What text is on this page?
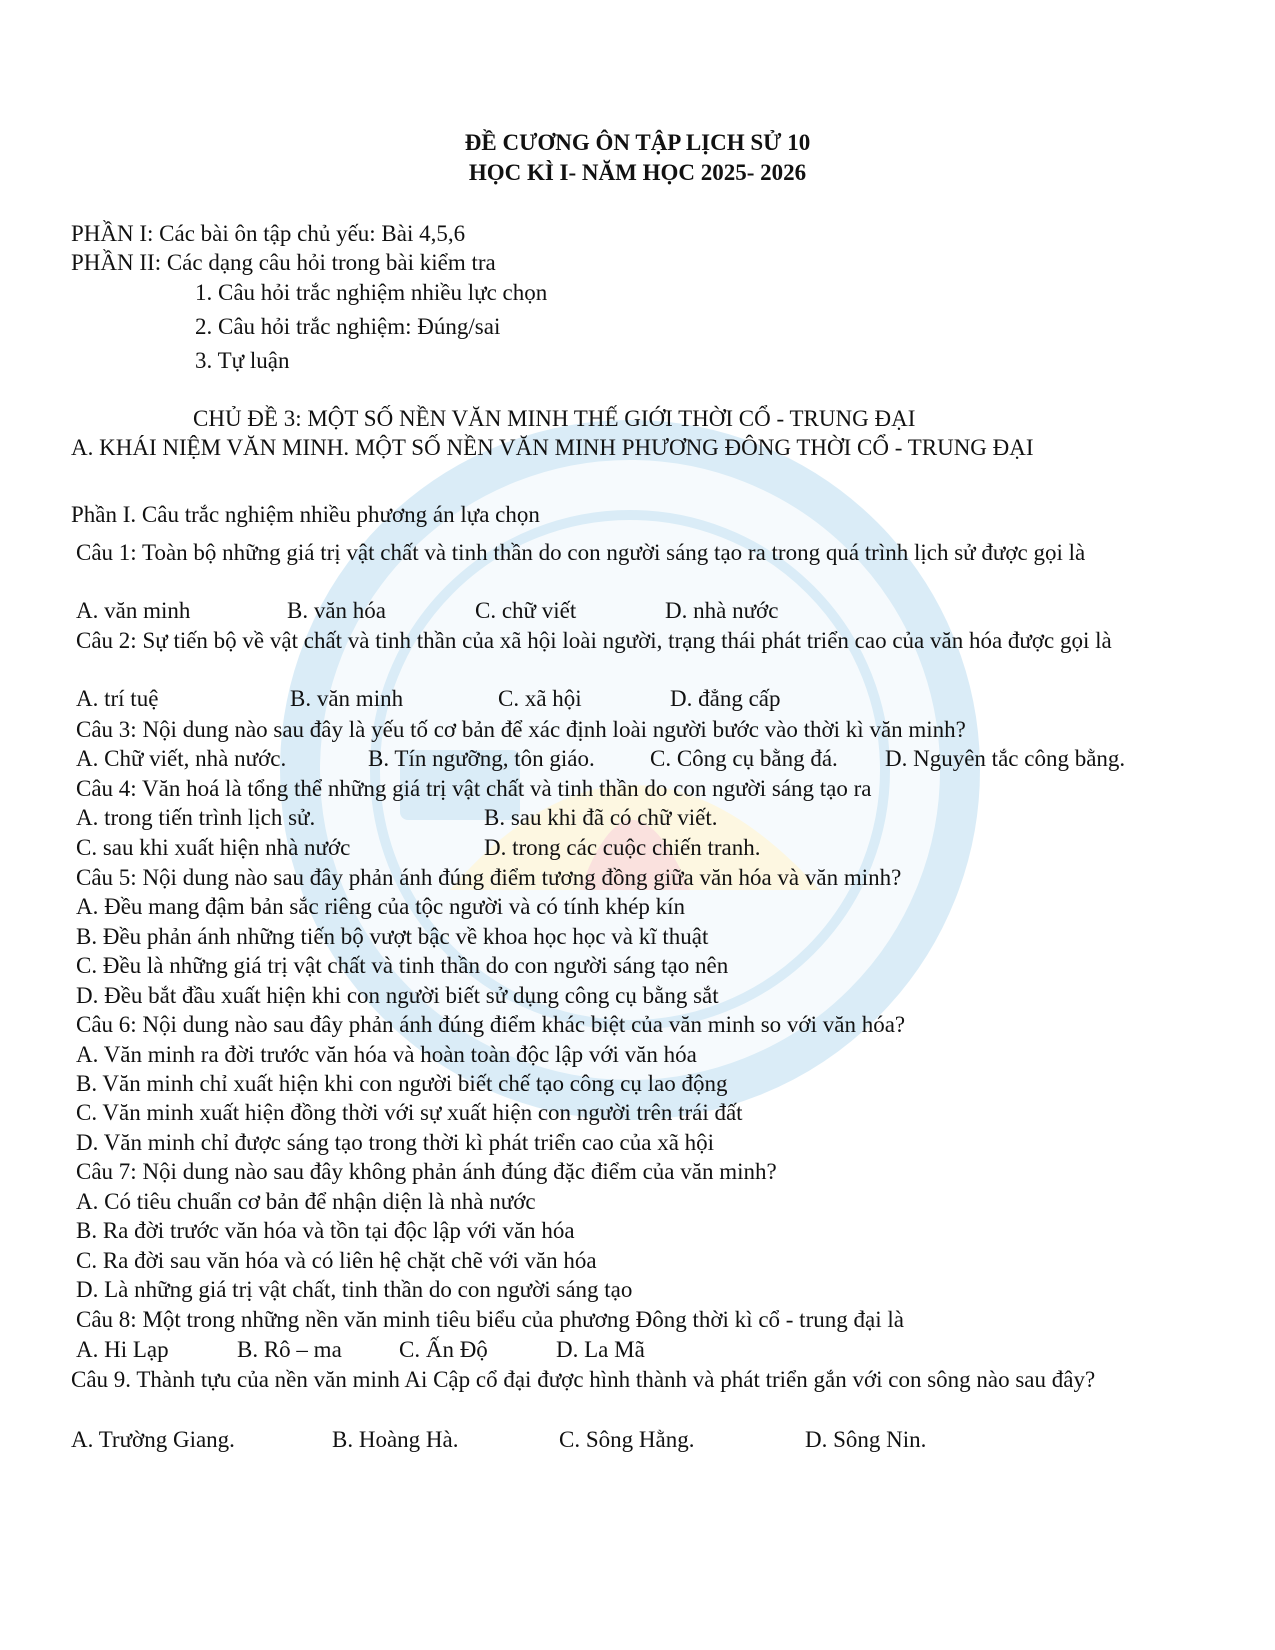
ĐỀ CƯƠNG ÔN TẬP LỊCH SỬ 10
HỌC KÌ I- NĂM HỌC 2025- 2026
PHẦN I: Các bài ôn tập chủ yếu: Bài 4,5,6
PHẦN II: Các dạng câu hỏi trong bài kiểm tra
1. Câu hỏi trắc nghiệm nhiều lực chọn
2. Câu hỏi trắc nghiệm: Đúng/sai
3. Tự luận
CHỦ ĐỀ 3: MỘT SỐ NỀN VĂN MINH THẾ GIỚI THỜI CỔ - TRUNG ĐẠI
A. KHÁI NIỆM VĂN MINH. MỘT SỐ NỀN VĂN MINH PHƯƠNG ĐÔNG THỜI CỔ - TRUNG ĐẠI
Phần I. Câu trắc nghiệm nhiều phương án lựa chọn
Câu 1: Toàn bộ những giá trị vật chất và tinh thần do con người sáng tạo ra trong quá trình lịch sử được gọi là
A. văn minh	B. văn hóa	C. chữ viết	D. nhà nước
Câu 2: Sự tiến bộ về vật chất và tinh thần của xã hội loài người, trạng thái phát triển cao của văn hóa được gọi là
A. trí tuệ	B. văn minh	C. xã hội	D. đẳng cấp
Câu 3: Nội dung nào sau đây là yếu tố cơ bản để xác định loài người bước vào thời kì văn minh?
A. Chữ viết, nhà nước.	B. Tín ngưỡng, tôn giáo. C. Công cụ bằng đá. D. Nguyên tắc công bằng.
Câu 4: Văn hoá là tổng thể những giá trị vật chất và tinh thần do con người sáng tạo ra
A. trong tiến trình lịch sử.	B. sau khi đã có chữ viết.
C. sau khi xuất hiện nhà nước	D. trong các cuộc chiến tranh.
Câu 5: Nội dung nào sau đây phản ánh đúng điểm tương đồng giữa văn hóa và văn minh?
A. Đều mang đậm bản sắc riêng của tộc người và có tính khép kín
B. Đều phản ánh những tiến bộ vượt bậc về khoa học học và kĩ thuật
C. Đều là những giá trị vật chất và tinh thần do con người sáng tạo nên
D. Đều bắt đầu xuất hiện khi con người biết sử dụng công cụ bằng sắt
Câu 6: Nội dung nào sau đây phản ánh đúng điểm khác biệt của văn minh so với văn hóa?
A. Văn minh ra đời trước văn hóa và hoàn toàn độc lập với văn hóa
B. Văn minh chỉ xuất hiện khi con người biết chế tạo công cụ lao động
C. Văn minh xuất hiện đồng thời với sự xuất hiện con người trên trái đất
D. Văn minh chỉ được sáng tạo trong thời kì phát triển cao của xã hội
Câu 7: Nội dung nào sau đây không phản ánh đúng đặc điểm của văn minh?
A. Có tiêu chuẩn cơ bản để nhận diện là nhà nước
B. Ra đời trước văn hóa và tồn tại độc lập với văn hóa
C. Ra đời sau văn hóa và có liên hệ chặt chẽ với văn hóa
D. Là những giá trị vật chất, tinh thần do con người sáng tạo
Câu 8: Một trong những nền văn minh tiêu biểu của phương Đông thời kì cổ - trung đại là
A. Hi Lạp	B. Rô – ma C. Ấn Độ	D. La Mã
Câu 9. Thành tựu của nền văn minh Ai Cập cổ đại được hình thành và phát triển gắn với con sông nào sau đây?
A. Trường Giang.	B. Hoàng Hà.	C. Sông Hằng.	D. Sông Nin.
